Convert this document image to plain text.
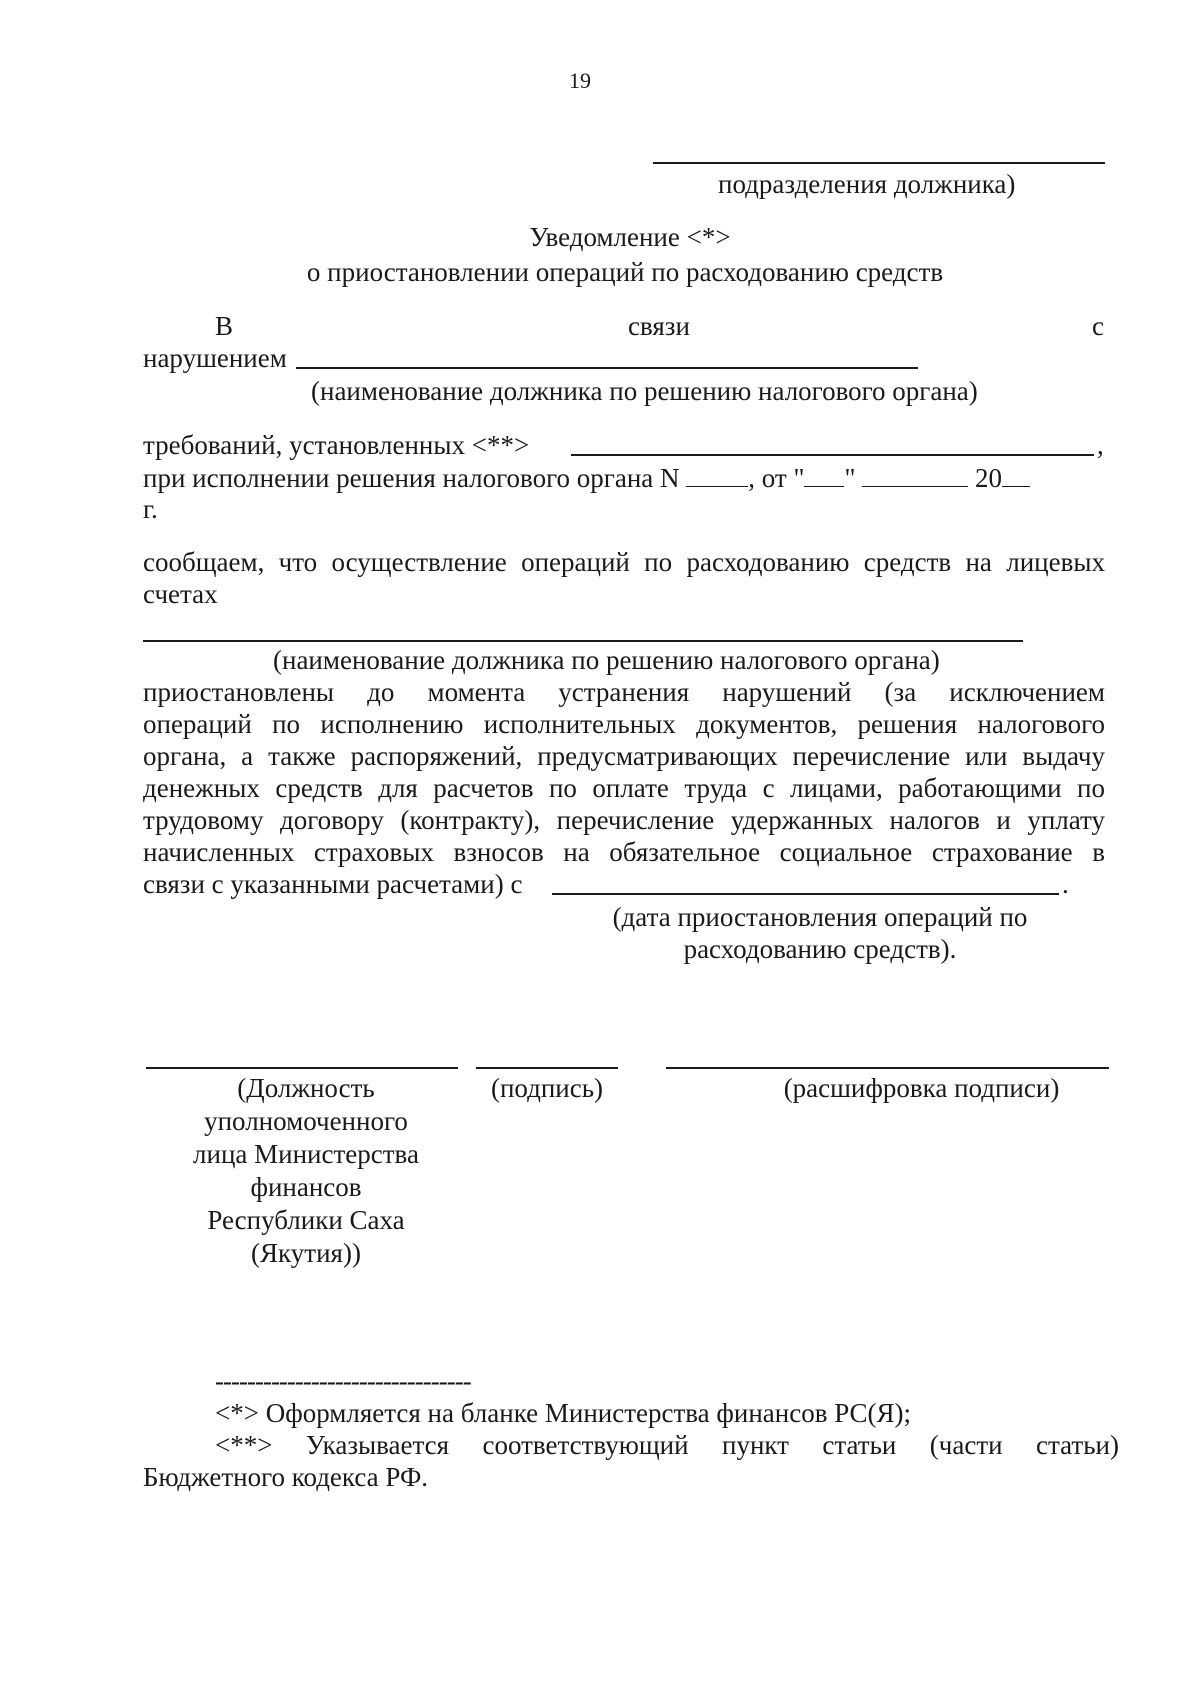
19
подразделения должника)
Уведомление <*>
о приостановлении операций по расходованию средств
В	связи	с
нарушением
(наименование должника по решению налогового органа)
требований, установленных <**>	,
при исполнении решения налогового органа N	, от " "	20
г.
сообщаем, что осуществление операций по расходованию средств на лицевых
счетах
(наименование должника по решению налогового органа)
приостановлены до момента устранения нарушений (за исключением
операций по исполнению исполнительных документов, решения налогового
органа, а также распоряжений, предусматривающих перечисление или выдачу
денежных средств для расчетов по оплате труда с лицами, работающими по
трудовому договору (контракту), перечисление удержанных налогов и уплату
начисленных страховых взносов на обязательное социальное страхование в
связи с указанными расчетами) с	.
(дата приостановления операций по
расходованию средств).
(Должность
уполномоченного
лица Министерства
финансов
Республики Саха
(Якутия))
(подпись)	(расшифровка подписи)
--------------------------------
<*> Оформляется на бланке Министерства финансов РС(Я);
<**> Указывается соответствующий пункт статьи (части статьи)
Бюджетного кодекса РФ.
